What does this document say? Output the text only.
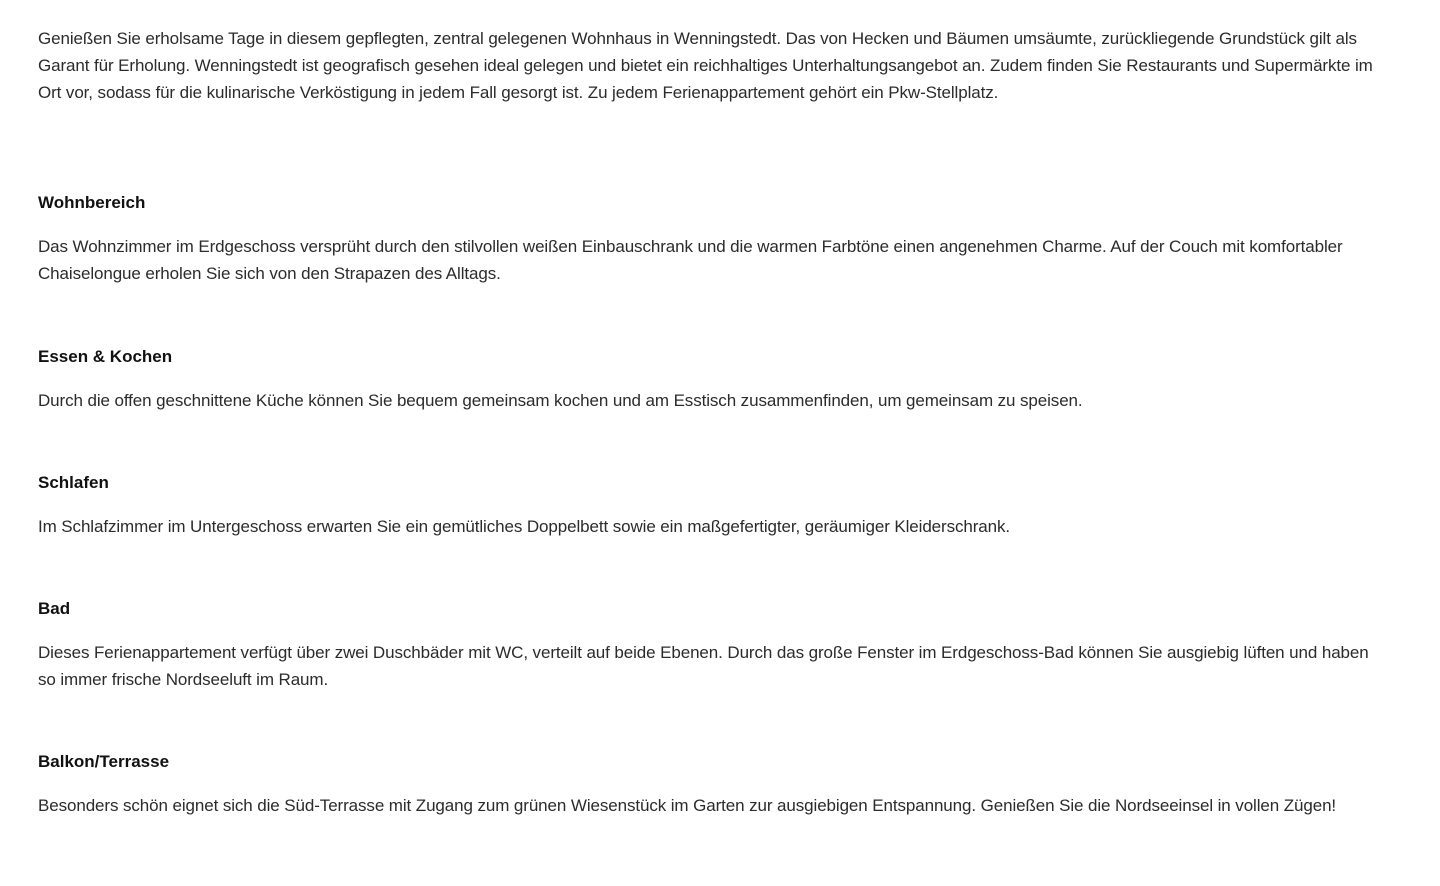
Genießen Sie erholsame Tage in diesem gepflegten, zentral gelegenen Wohnhaus in Wenningstedt. Das von Hecken und Bäumen umsäumte, zurückliegende Grundstück gilt als Garant für Erholung. Wenningstedt ist geografisch gesehen ideal gelegen und bietet ein reichhaltiges Unterhaltungsangebot an. Zudem finden Sie Restaurants und Supermärkte im Ort vor, sodass für die kulinarische Verköstigung in jedem Fall gesorgt ist. Zu jedem Ferienappartement gehört ein Pkw-Stellplatz.

Wohnbereich

Das Wohnzimmer im Erdgeschoss versprüht durch den stilvollen weißen Einbauschrank und die warmen Farbtöne einen angenehmen Charme. Auf der Couch mit komfortabler Chaiselongue erholen Sie sich von den Strapazen des Alltags.

Essen & Kochen

Durch die offen geschnittene Küche können Sie bequem gemeinsam kochen und am Esstisch zusammenfinden, um gemeinsam zu speisen.

Schlafen

Im Schlafzimmer im Untergeschoss erwarten Sie ein gemütliches Doppelbett sowie ein maßgefertigter, geräumiger Kleiderschrank.

Bad

Dieses Ferienappartement verfügt über zwei Duschbäder mit WC, verteilt auf beide Ebenen. Durch das große Fenster im Erdgeschoss-Bad können Sie ausgiebig lüften und haben so immer frische Nordseeluft im Raum.

Balkon/Terrasse

Besonders schön eignet sich die Süd-Terrasse mit Zugang zum grünen Wiesenstück im Garten zur ausgiebigen Entspannung. Genießen Sie die Nordseeinsel in vollen Zügen!
